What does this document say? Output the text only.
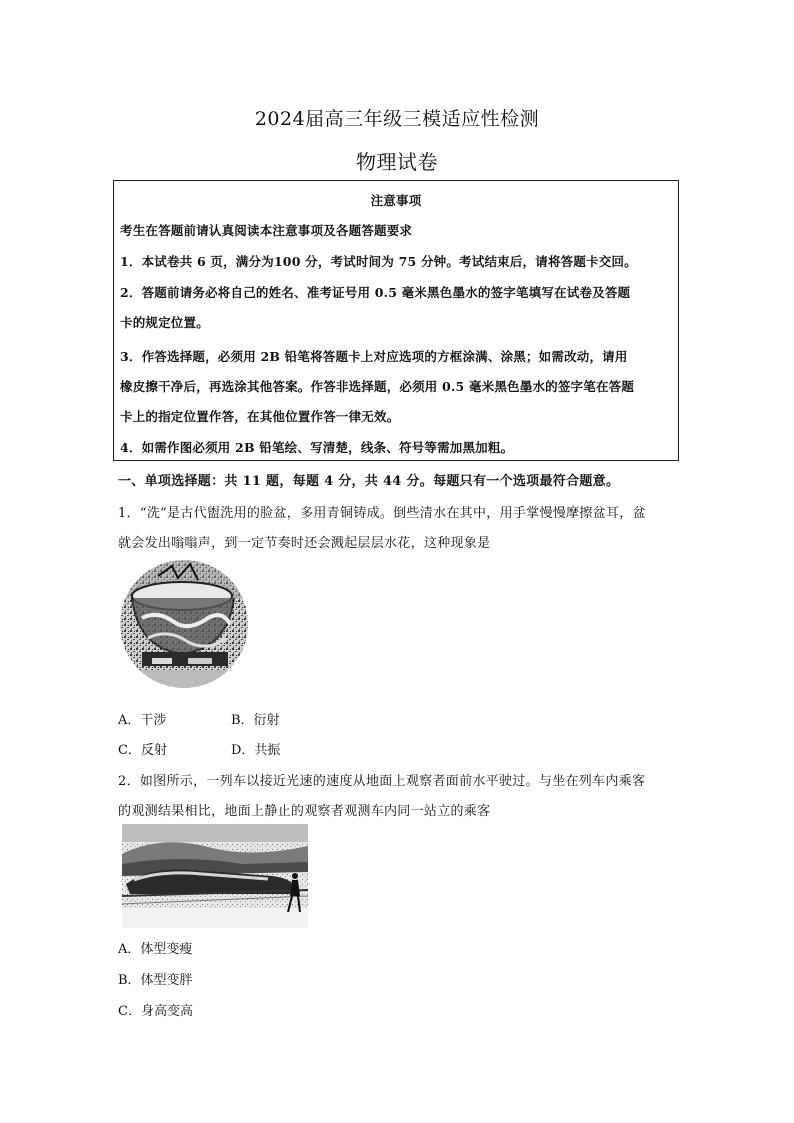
2024届高三年级三模适应性检测
物理试卷
注意事项
考生在答题前请认真阅读本注意事项及各题答题要求
1．本试卷共 6 页，满分为100 分，考试时间为 75 分钟。考试结束后，请将答题卡交回。
2．答题前请务必将自己的姓名、准考证号用 0.5 毫米黑色墨水的签字笔填写在试卷及答题
卡的规定位置。
3．作答选择题，必须用 2B 铅笔将答题卡上对应选项的方框涂满、涂黑；如需改动，请用
橡皮擦干净后，再选涂其他答案。作答非选择题，必须用 0.5 毫米黑色墨水的签字笔在答题
卡上的指定位置作答，在其他位置作答一律无效。
4．如需作图必须用 2B 铅笔绘、写清楚，线条、符号等需加黑加粗。
一、单项选择题：共 11 题，每题 4 分，共 44 分。每题只有一个选项最符合题意。
1．“洗”是古代盥洗用的脸盆，多用青铜铸成。倒些清水在其中，用手掌慢慢摩擦盆耳，盆
就会发出嗡嗡声，到一定节奏时还会溅起层层水花，这种现象是
A．干涉	B．衍射
C．反射	D．共振
2．如图所示，一列车以接近光速的速度从地面上观察者面前水平驶过。与坐在列车内乘客
的观测结果相比，地面上静止的观察者观测车内同一站立的乘客
A．体型变瘦
B．体型变胖
C．身高变高
